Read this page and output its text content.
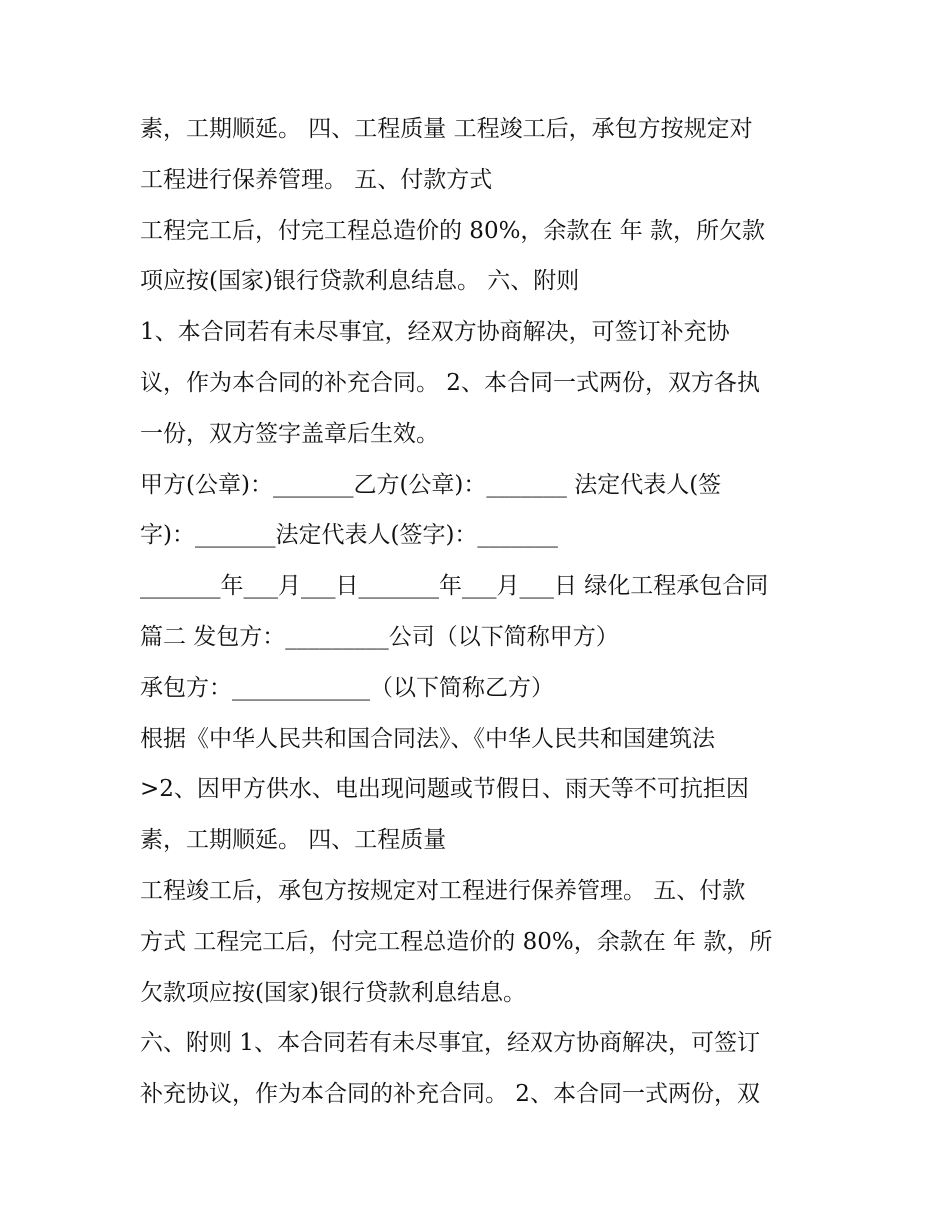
素，工期顺延。 四、工程质量 工程竣工后，承包方按规定对
工程进行保养管理。 五、付款方式
工程完工后，付完工程总造价的 80%，余款在 年 款，所欠款
项应按(国家)银行贷款利息结息。 六、附则
1、本合同若有未尽事宜，经双方协商解决，可签订补充协
议，作为本合同的补充合同。 2、本合同一式两份，双方各执
一份，双方签字盖章后生效。
甲方(公章)：_______乙方(公章)：_______ 法定代表人(签
字)：_______法定代表人(签字)：_______
_______年___月___日_______年___月___日 绿化工程承包合同
篇二 发包方：_________公司（以下简称甲方）
承包方：____________（以下简称乙方）
根据《中华人民共和国合同法》、《中华人民共和国建筑法
>2、因甲方供水、电出现问题或节假日、雨天等不可抗拒因
素，工期顺延。 四、工程质量
工程竣工后，承包方按规定对工程进行保养管理。 五、付款
方式 工程完工后，付完工程总造价的 80%，余款在 年 款，所
欠款项应按(国家)银行贷款利息结息。
六、附则 1、本合同若有未尽事宜，经双方协商解决，可签订
补充协议，作为本合同的补充合同。 2、本合同一式两份，双
